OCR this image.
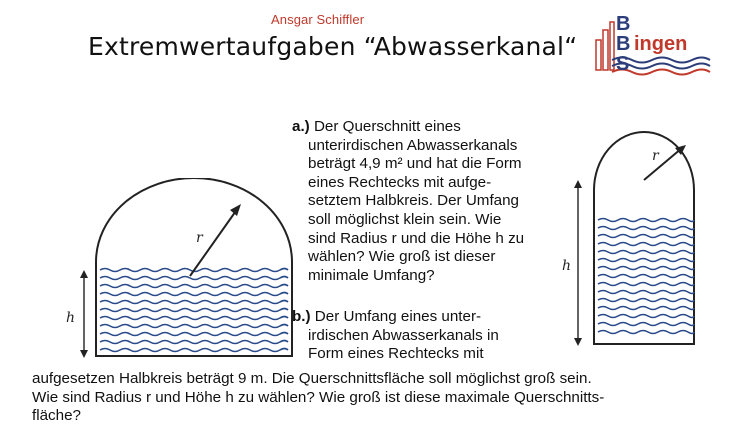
Ansgar Schiffler
Extremwertaufgaben “Abwasserkanal“
B
B
S
ingen
a.) Der Querschnitt eines
unterirdischen Abwasserkanals
beträgt 4,9 m² und hat die Form
eines Rechtecks mit aufge-
setztem Halbkreis. Der Umfang
soll möglichst klein sein. Wie
sind Radius r und die Höhe h zu
wählen? Wie groß ist dieser
minimale Umfang?
b.) Der Umfang eines unter-
irdischen Abwasserkanals in
Form eines Rechtecks mit
aufgesetzen Halbkreis beträgt 9 m. Die Querschnittsfläche soll möglichst groß sein.
Wie sind Radius r und Höhe h zu wählen? Wie groß ist diese maximale Querschnitts-
fläche?
r
h
r
h
